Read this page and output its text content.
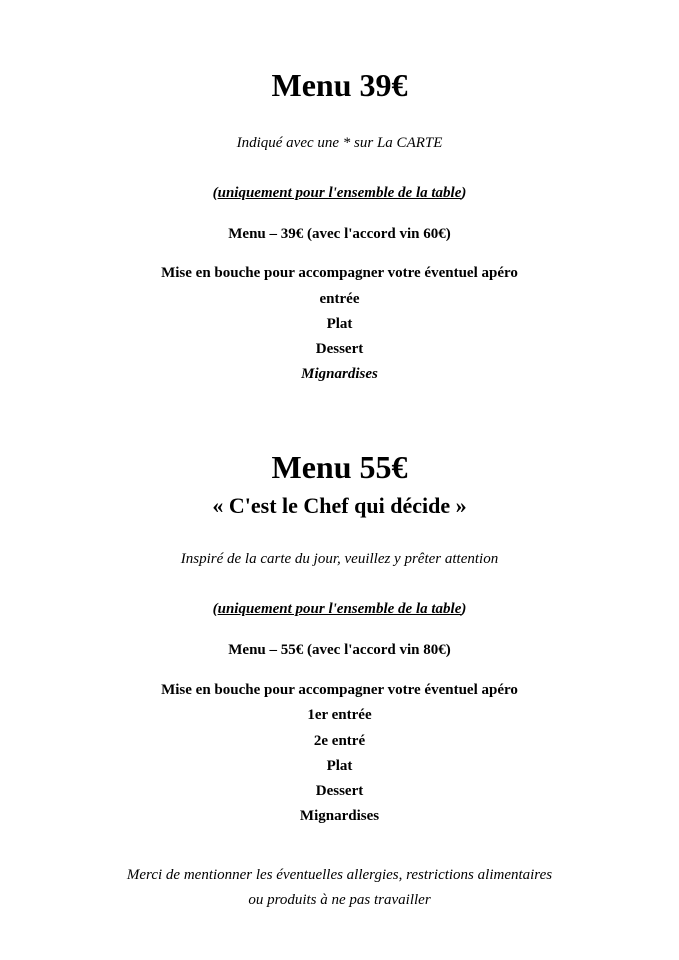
Menu 39€
Indiqué avec une * sur La CARTE
(uniquement pour l'ensemble de la table)
Menu – 39€ (avec l'accord vin 60€)
Mise en bouche pour accompagner votre éventuel apéro
entrée
Plat
Dessert
Mignardises
Menu 55€
« C'est le Chef qui décide »
Inspiré de la carte du jour, veuillez y prêter attention
(uniquement pour l'ensemble de la table)
Menu – 55€ (avec l'accord vin 80€)
Mise en bouche pour accompagner votre éventuel apéro
1er entrée
2e entré
Plat
Dessert
Mignardises
Merci de mentionner les éventuelles allergies, restrictions alimentaires
ou produits à ne pas travailler
